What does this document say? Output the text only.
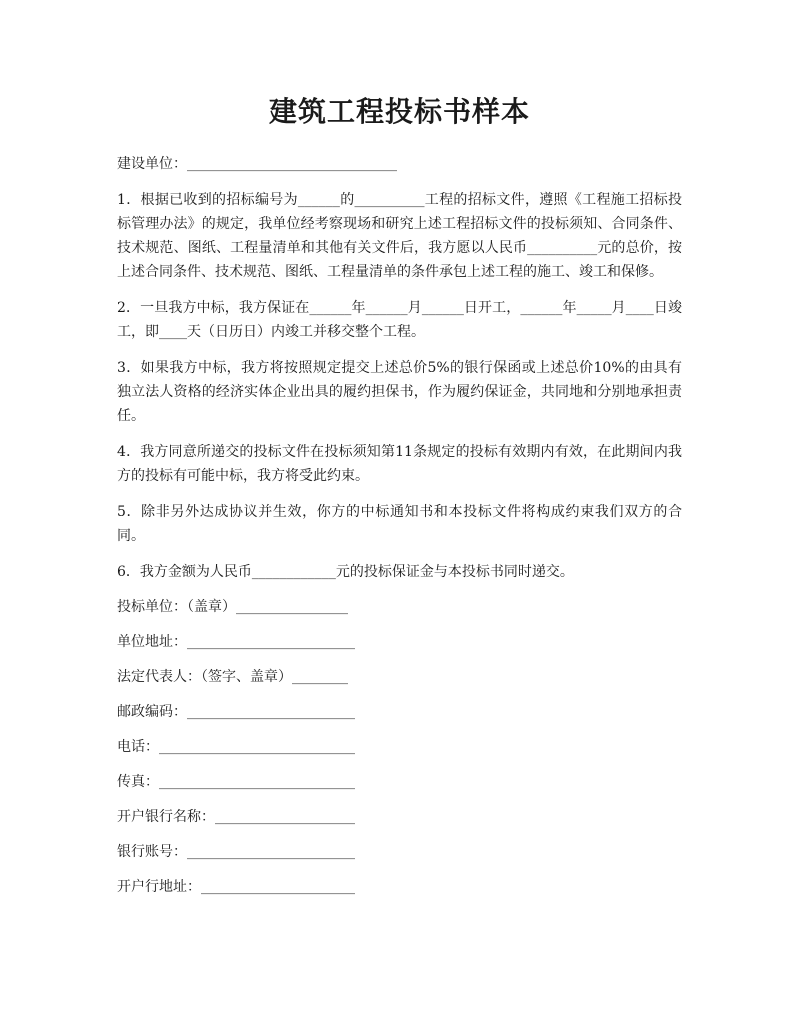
建筑工程投标书样本

建设单位：______________________________

1．根据已收到的招标编号为______的__________工程的招标文件，遵照《工程施工招标投标管理办法》的规定，我单位经考察现场和研究上述工程招标文件的投标须知、合同条件、技术规范、图纸、工程量清单和其他有关文件后，我方愿以人民币__________元的总价，按上述合同条件、技术规范、图纸、工程量清单的条件承包上述工程的施工、竣工和保修。

2．一旦我方中标，我方保证在______年______月______日开工，______年_____月____日竣工，即____天（日历日）内竣工并移交整个工程。

3．如果我方中标，我方将按照规定提交上述总价5%的银行保函或上述总价10%的由具有独立法人资格的经济实体企业出具的履约担保书，作为履约保证金，共同地和分别地承担责任。

4．我方同意所递交的投标文件在投标须知第11条规定的投标有效期内有效，在此期间内我方的投标有可能中标，我方将受此约束。

5．除非另外达成协议并生效，你方的中标通知书和本投标文件将构成约束我们双方的合同。

6．我方金额为人民币____________元的投标保证金与本投标书同时递交。

投标单位：（盖章）________________

单位地址：________________________

法定代表人：（签字、盖章）________

邮政编码：________________________

电话：____________________________

传真：____________________________

开户银行名称：____________________

银行账号：________________________

开户行地址：______________________
